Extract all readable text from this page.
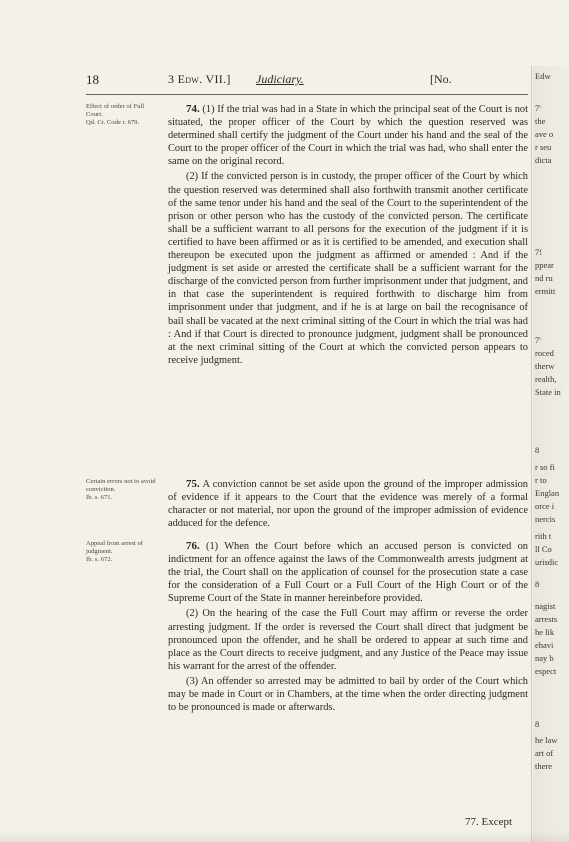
18	3 Edw. VII.] Judiciary.	[No.
Effect of order of Full Court.
Qd. Cr. Code r. 679.
Certain errors not to avoid conviction.
Ib. s. 671.
Appeal from arrest of judgment.
Ib. s. 672.

74. (1) If the trial was had in a State in which the principal seat of the Court is not situated, the proper officer of the Court by which the question reserved was determined shall certify the judgment of the Court under his hand and the seal of the Court to the proper officer of the Court in which the trial was had, who shall enter the same on the original record.

(2) If the convicted person is in custody, the proper officer of the Court by which the question reserved was determined shall also forthwith transmit another certificate of the same tenor under his hand and the seal of the Court to the superintendent of the prison or other person who has the custody of the convicted person. The certificate shall be a sufficient warrant to all persons for the execution of the judgment if it is certified to have been affirmed or as it is certified to be amended, and execution shall thereupon be executed upon the judgment as affirmed or amended : And if the judgment is set aside or arrested the certificate shall be a sufficient warrant for the discharge of the convicted person from further imprisonment under that judgment, and in that case the superintendent is required forthwith to discharge him from imprisonment under that judgment, and if he is at large on bail the recognisance of bail shall be vacated at the next criminal sitting of the Court in which the trial was had : And if that Court is directed to pronounce judgment, judgment shall be pronounced at the next criminal sitting of the Court at which the convicted person appears to receive judgment.

75. A conviction cannot be set aside upon the ground of the improper admission of evidence if it appears to the Court that the evidence was merely of a formal character or not material, nor upon the ground of the improper admission of evidence adduced for the defence.

76. (1) When the Court before which an accused person is convicted on indictment for an offence against the laws of the Commonwealth arrests judgment at the trial, the Court shall on the application of counsel for the prosecution state a case for the consideration of a Full Court or a Full Court of the High Court or of the Supreme Court of the State in manner hereinbefore provided.

(2) On the hearing of the case the Full Court may affirm or reverse the order arresting judgment. If the order is reversed the Court shall direct that judgment be pronounced upon the offender, and he shall be ordered to appear at such time and place as the Court directs to receive judgment, and any Justice of the Peace may issue his warrant for the arrest of the offender.

(3) An offender so arrested may be admitted to bail by order of the Court which may be made in Court or in Chambers, at the time when the order directing judgment to be pronounced is made or afterwards.

77. Except
Edw
7'
the
ave o
r seu
dicta
7!
ppear
nd ru
ermitt
7'
roced
therw
realth,
State in
8
r so fi
r to
Englan
orce i
nercis
rith t
ll Co
urisdic
8
nagist
arrests
he lik
ehavi
nay b
espect
8
he law
art of
there
